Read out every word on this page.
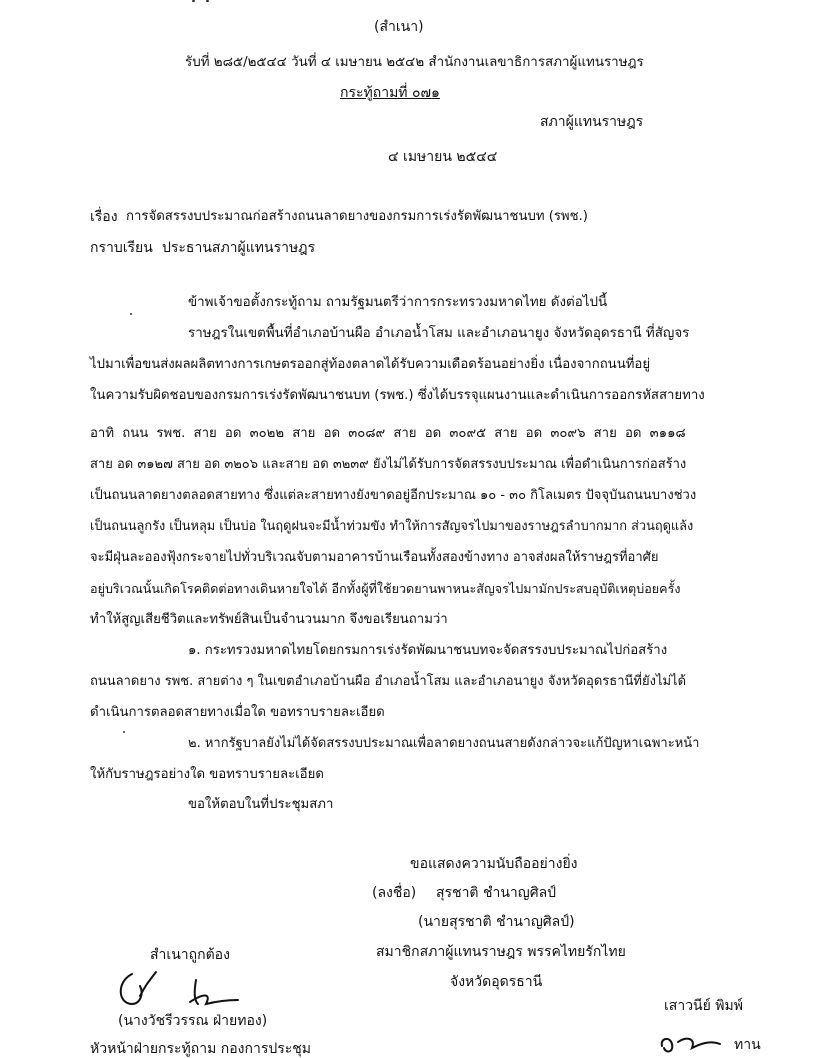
(สำเนา)
รับที่ ๒๘๕/๒๕๔๔ วันที่ ๔ เมษายน ๒๕๔๒ สำนักงานเลขาธิการสภาผู้แทนราษฎร
กระทู้ถามที่ ๐๗๑
สภาผู้แทนราษฎร
๔ เมษายน ๒๕๔๔
เรื่อง การจัดสรรงบประมาณก่อสร้างถนนลาดยางของกรมการเร่งรัดพัฒนาชนบท (รพช.)
กราบเรียน ประธานสภาผู้แทนราษฎร
ข้าพเจ้าขอตั้งกระทู้ถาม ถามรัฐมนตรีว่าการกระทรวงมหาดไทย ดังต่อไปนี้
ราษฎรในเขตพื้นที่อำเภอบ้านผือ อำเภอน้ำโสม และอำเภอนายูง จังหวัดอุดรธานี ที่สัญจร
ไปมาเพื่อขนส่งผลผลิตทางการเกษตรออกสู่ท้องตลาดได้รับความเดือดร้อนอย่างยิ่ง เนื่องจากถนนที่อยู่
ในความรับผิดชอบของกรมการเร่งรัดพัฒนาชนบท (รพช.) ซึ่งได้บรรจุแผนงานและดำเนินการออกรหัสสายทาง
อาทิ ถนน รพช. สาย อด ๓๐๒๒ สาย อด ๓๐๘๙ สาย อด ๓๐๙๕ สาย อด ๓๐๙๖ สาย อด ๓๑๑๘
สาย อด ๓๑๒๗ สาย อด ๓๒๐๖ และสาย อด ๓๒๓๙ ยังไม่ได้รับการจัดสรรงบประมาณ เพื่อดำเนินการก่อสร้าง
เป็นถนนลาดยางตลอดสายทาง ซึ่งแต่ละสายทางยังขาดอยู่อีกประมาณ ๑๐ - ๓๐ กิโลเมตร ปัจจุบันถนนบางช่วง
เป็นถนนลูกรัง เป็นหลุม เป็นบ่อ ในฤดูฝนจะมีน้ำท่วมขัง ทำให้การสัญจรไปมาของราษฎรลำบากมาก ส่วนฤดูแล้ง
จะมีฝุ่นละอองฟุ้งกระจายไปทั่วบริเวณจับตามอาคารบ้านเรือนทั้งสองข้างทาง อาจส่งผลให้ราษฎรที่อาศัย
อยู่บริเวณนั้นเกิดโรคติดต่อทางเดินหายใจได้ อีกทั้งผู้ที่ใช้ยวดยานพาหนะสัญจรไปมามักประสบอุบัติเหตุบ่อยครั้ง
ทำให้สูญเสียชีวิตและทรัพย์สินเป็นจำนวนมาก จึงขอเรียนถามว่า
๑. กระทรวงมหาดไทยโดยกรมการเร่งรัดพัฒนาชนบทจะจัดสรรงบประมาณไปก่อสร้าง
ถนนลาดยาง รพช. สายต่าง ๆ ในเขตอำเภอบ้านผือ อำเภอน้ำโสม และอำเภอนายูง จังหวัดอุดรธานีที่ยังไม่ได้
ดำเนินการตลอดสายทางเมื่อใด ขอทราบรายละเอียด
๒. หากรัฐบาลยังไม่ได้จัดสรรงบประมาณเพื่อลาดยางถนนสายดังกล่าวจะแก้ปัญหาเฉพาะหน้า
ให้กับราษฎรอย่างใด ขอทราบรายละเอียด
ขอให้ตอบในที่ประชุมสภา
ขอแสดงความนับถืออย่างยิ่ง
(ลงชื่อ) สุรชาติ ชำนาญศิลป์
(นายสุรชาติ ชำนาญศิลป์)
สมาชิกสภาผู้แทนราษฎร พรรคไทยรักไทย
จังหวัดอุดรธานี
สำเนาถูกต้อง
(นางวัชรีวรรณ ฝ่ายทอง)
หัวหน้าฝ่ายกระทู้ถาม กองการประชุม
เสาวนีย์ พิมพ์
ทาน
